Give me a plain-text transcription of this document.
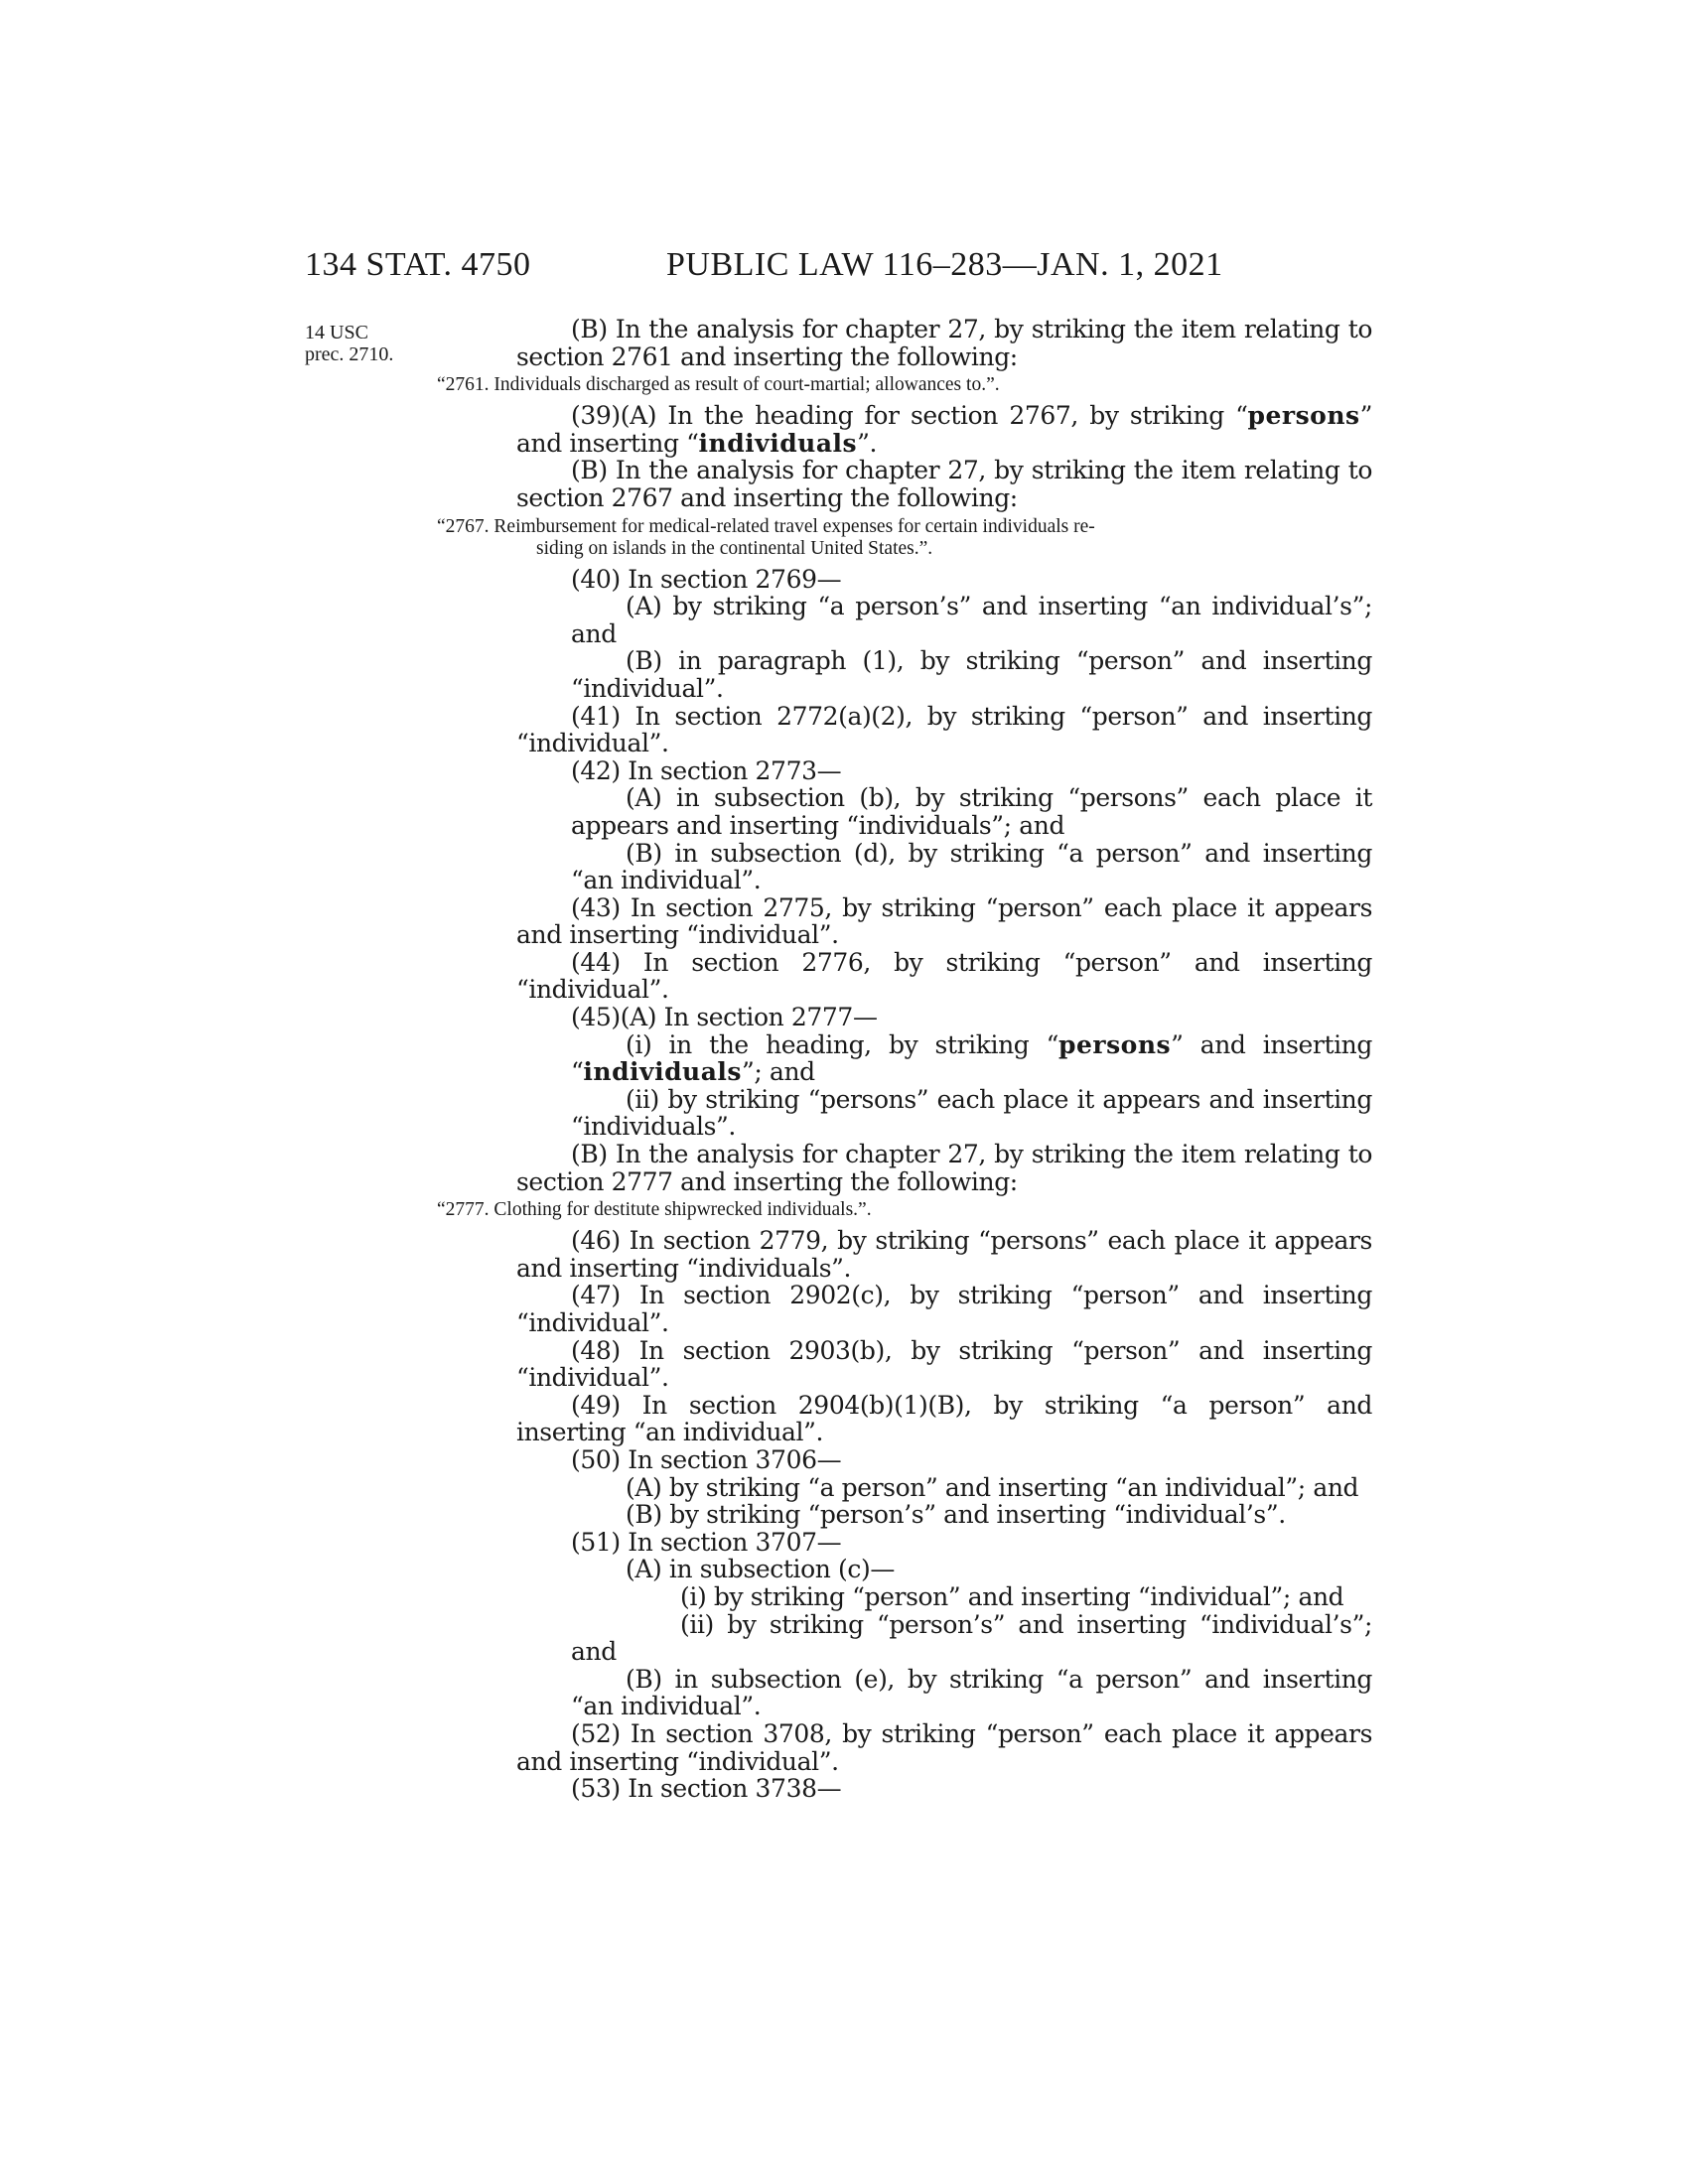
134 STAT. 4750	PUBLIC LAW 116–283—JAN. 1, 2021
14 USC
prec. 2710.

(B) In the analysis for chapter 27, by striking the item relating to section 2761 and inserting the following:

“2761. Individuals discharged as result of court-martial; allowances to.”.

(39)(A) In the heading for section 2767, by striking “persons” and inserting “individuals”.

(B) In the analysis for chapter 27, by striking the item relating to section 2767 and inserting the following:

“2767. Reimbursement for medical-related travel expenses for certain individuals re-
siding on islands in the continental United States.”.

(40) In section 2769—

(A) by striking “a person’s” and inserting “an individual’s”; and

(B) in paragraph (1), by striking “person” and inserting “individual”.

(41) In section 2772(a)(2), by striking “person” and inserting “individual”.

(42) In section 2773—

(A) in subsection (b), by striking “persons” each place it appears and inserting “individuals”; and

(B) in subsection (d), by striking “a person” and inserting “an individual”.

(43) In section 2775, by striking “person” each place it appears and inserting “individual”.

(44) In section 2776, by striking “person” and inserting “individual”.

(45)(A) In section 2777—

(i) in the heading, by striking “persons” and inserting “individuals”; and

(ii) by striking “persons” each place it appears and inserting “individuals”.

(B) In the analysis for chapter 27, by striking the item relating to section 2777 and inserting the following:

“2777. Clothing for destitute shipwrecked individuals.”.

(46) In section 2779, by striking “persons” each place it appears and inserting “individuals”.

(47) In section 2902(c), by striking “person” and inserting “individual”.

(48) In section 2903(b), by striking “person” and inserting “individual”.

(49) In section 2904(b)(1)(B), by striking “a person” and inserting “an individual”.

(50) In section 3706—

(A) by striking “a person” and inserting “an individual”; and

(B) by striking “person’s” and inserting “individual’s”.

(51) In section 3707—

(A) in subsection (c)—

(i) by striking “person” and inserting “individual”; and

(ii) by striking “person’s” and inserting “individual’s”; and

(B) in subsection (e), by striking “a person” and inserting “an individual”.

(52) In section 3708, by striking “person” each place it appears and inserting “individual”.

(53) In section 3738—
